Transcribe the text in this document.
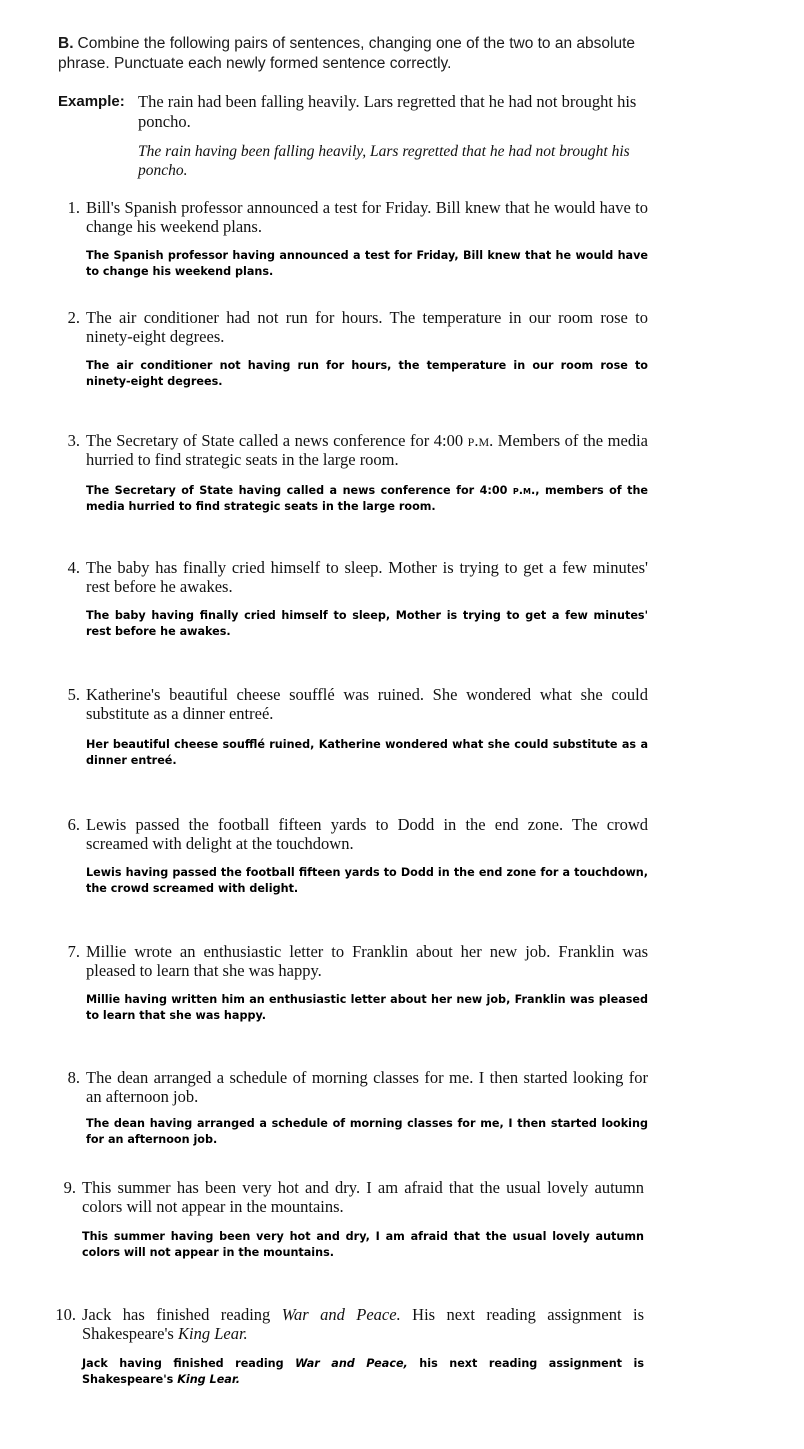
B. Combine the following pairs of sentences, changing one of the two to an absolute phrase. Punctuate each newly formed sentence correctly.
Example: The rain had been falling heavily. Lars regretted that he had not brought his poncho.
The rain having been falling heavily, Lars regretted that he had not brought his poncho.
1. Bill's Spanish professor announced a test for Friday. Bill knew that he would have to change his weekend plans.
The Spanish professor having announced a test for Friday, Bill knew that he would have to change his weekend plans.
2. The air conditioner had not run for hours. The temperature in our room rose to ninety-eight degrees.
The air conditioner not having run for hours, the temperature in our room rose to ninety-eight degrees.
3. The Secretary of State called a news conference for 4:00 p.m. Members of the media hurried to find strategic seats in the large room.
The Secretary of State having called a news conference for 4:00 p.m., members of the media hurried to find strategic seats in the large room.
4. The baby has finally cried himself to sleep. Mother is trying to get a few minutes' rest before he awakes.
The baby having finally cried himself to sleep, Mother is trying to get a few minutes' rest before he awakes.
5. Katherine's beautiful cheese soufflé was ruined. She wondered what she could substitute as a dinner entreé.
Her beautiful cheese soufflé ruined, Katherine wondered what she could substitute as a dinner entreé.
6. Lewis passed the football fifteen yards to Dodd in the end zone. The crowd screamed with delight at the touchdown.
Lewis having passed the football fifteen yards to Dodd in the end zone for a touchdown, the crowd screamed with delight.
7. Millie wrote an enthusiastic letter to Franklin about her new job. Franklin was pleased to learn that she was happy.
Millie having written him an enthusiastic letter about her new job, Franklin was pleased to learn that she was happy.
8. The dean arranged a schedule of morning classes for me. I then started looking for an afternoon job.
The dean having arranged a schedule of morning classes for me, I then started looking for an afternoon job.
9. This summer has been very hot and dry. I am afraid that the usual lovely autumn colors will not appear in the mountains.
This summer having been very hot and dry, I am afraid that the usual lovely autumn colors will not appear in the mountains.
10. Jack has finished reading War and Peace. His next reading assignment is Shakespeare's King Lear.
Jack having finished reading War and Peace, his next reading assignment is Shakespeare's King Lear.
